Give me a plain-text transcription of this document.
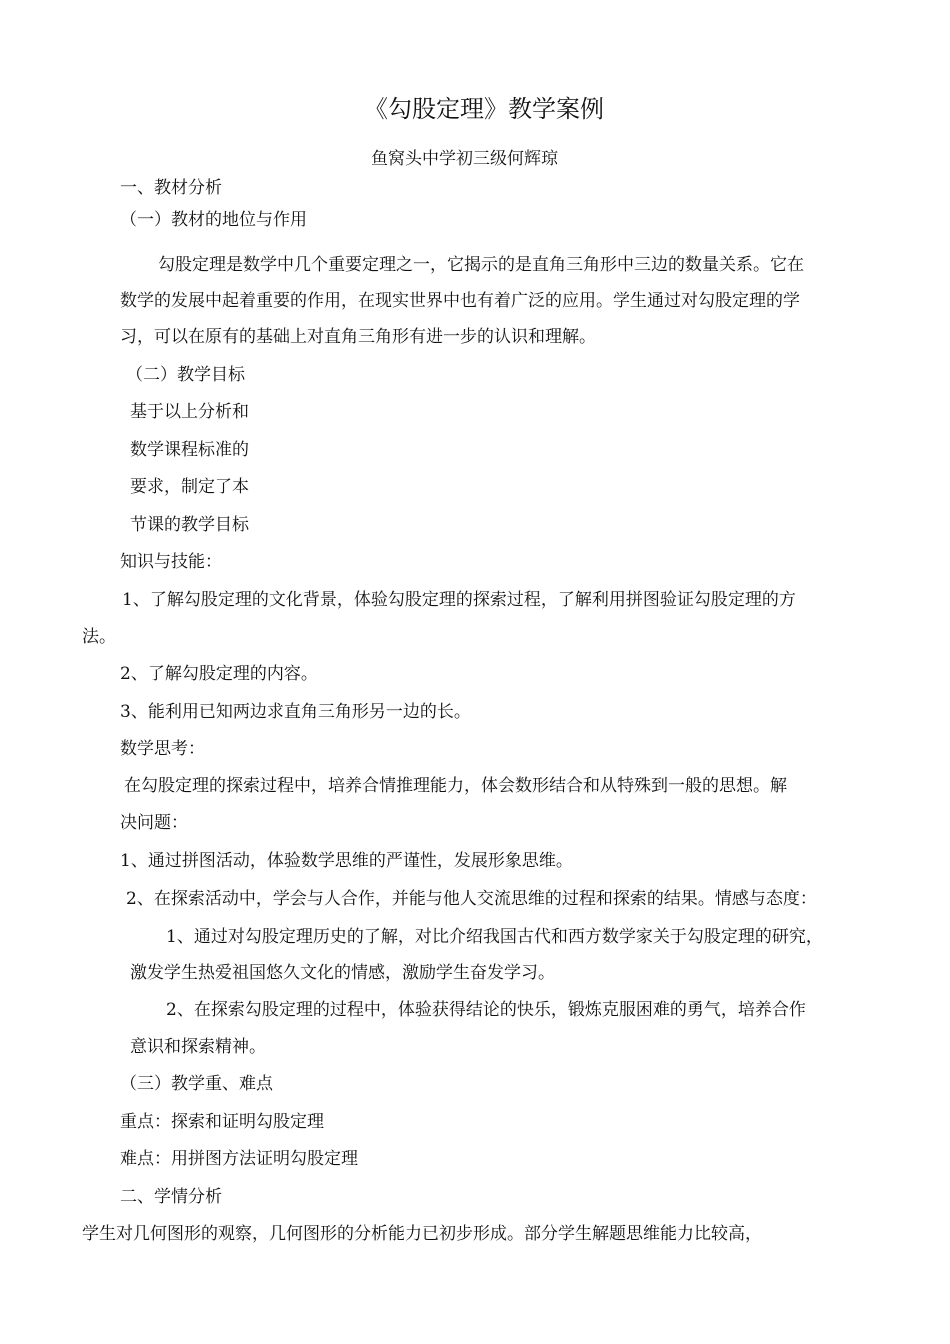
《勾股定理》教学案例
鱼窝头中学初三级何辉琼
一、教材分析
（一）教材的地位与作用
勾股定理是数学中几个重要定理之一，它揭示的是直角三角形中三边的数量关系。它在
数学的发展中起着重要的作用，在现实世界中也有着广泛的应用。学生通过对勾股定理的学
习，可以在原有的基础上对直角三角形有进一步的认识和理解。
（二）教学目标
基于以上分析和
数学课程标准的
要求，制定了本
节课的教学目标
知识与技能：
1、了解勾股定理的文化背景，体验勾股定理的探索过程，了解利用拼图验证勾股定理的方
法。
2、了解勾股定理的内容。
3、能利用已知两边求直角三角形另一边的长。
数学思考：
在勾股定理的探索过程中，培养合情推理能力，体会数形结合和从特殊到一般的思想。解
决问题：
1、通过拼图活动，体验数学思维的严谨性，发展形象思维。
2、在探索活动中，学会与人合作，并能与他人交流思维的过程和探索的结果。情感与态度：
1、通过对勾股定理历史的了解，对比介绍我国古代和西方数学家关于勾股定理的研究，
激发学生热爱祖国悠久文化的情感，激励学生奋发学习。
2、在探索勾股定理的过程中，体验获得结论的快乐，锻炼克服困难的勇气，培养合作
意识和探索精神。
（三）教学重、难点
重点：探索和证明勾股定理
难点：用拼图方法证明勾股定理
二、学情分析
学生对几何图形的观察，几何图形的分析能力已初步形成。部分学生解题思维能力比较高，
